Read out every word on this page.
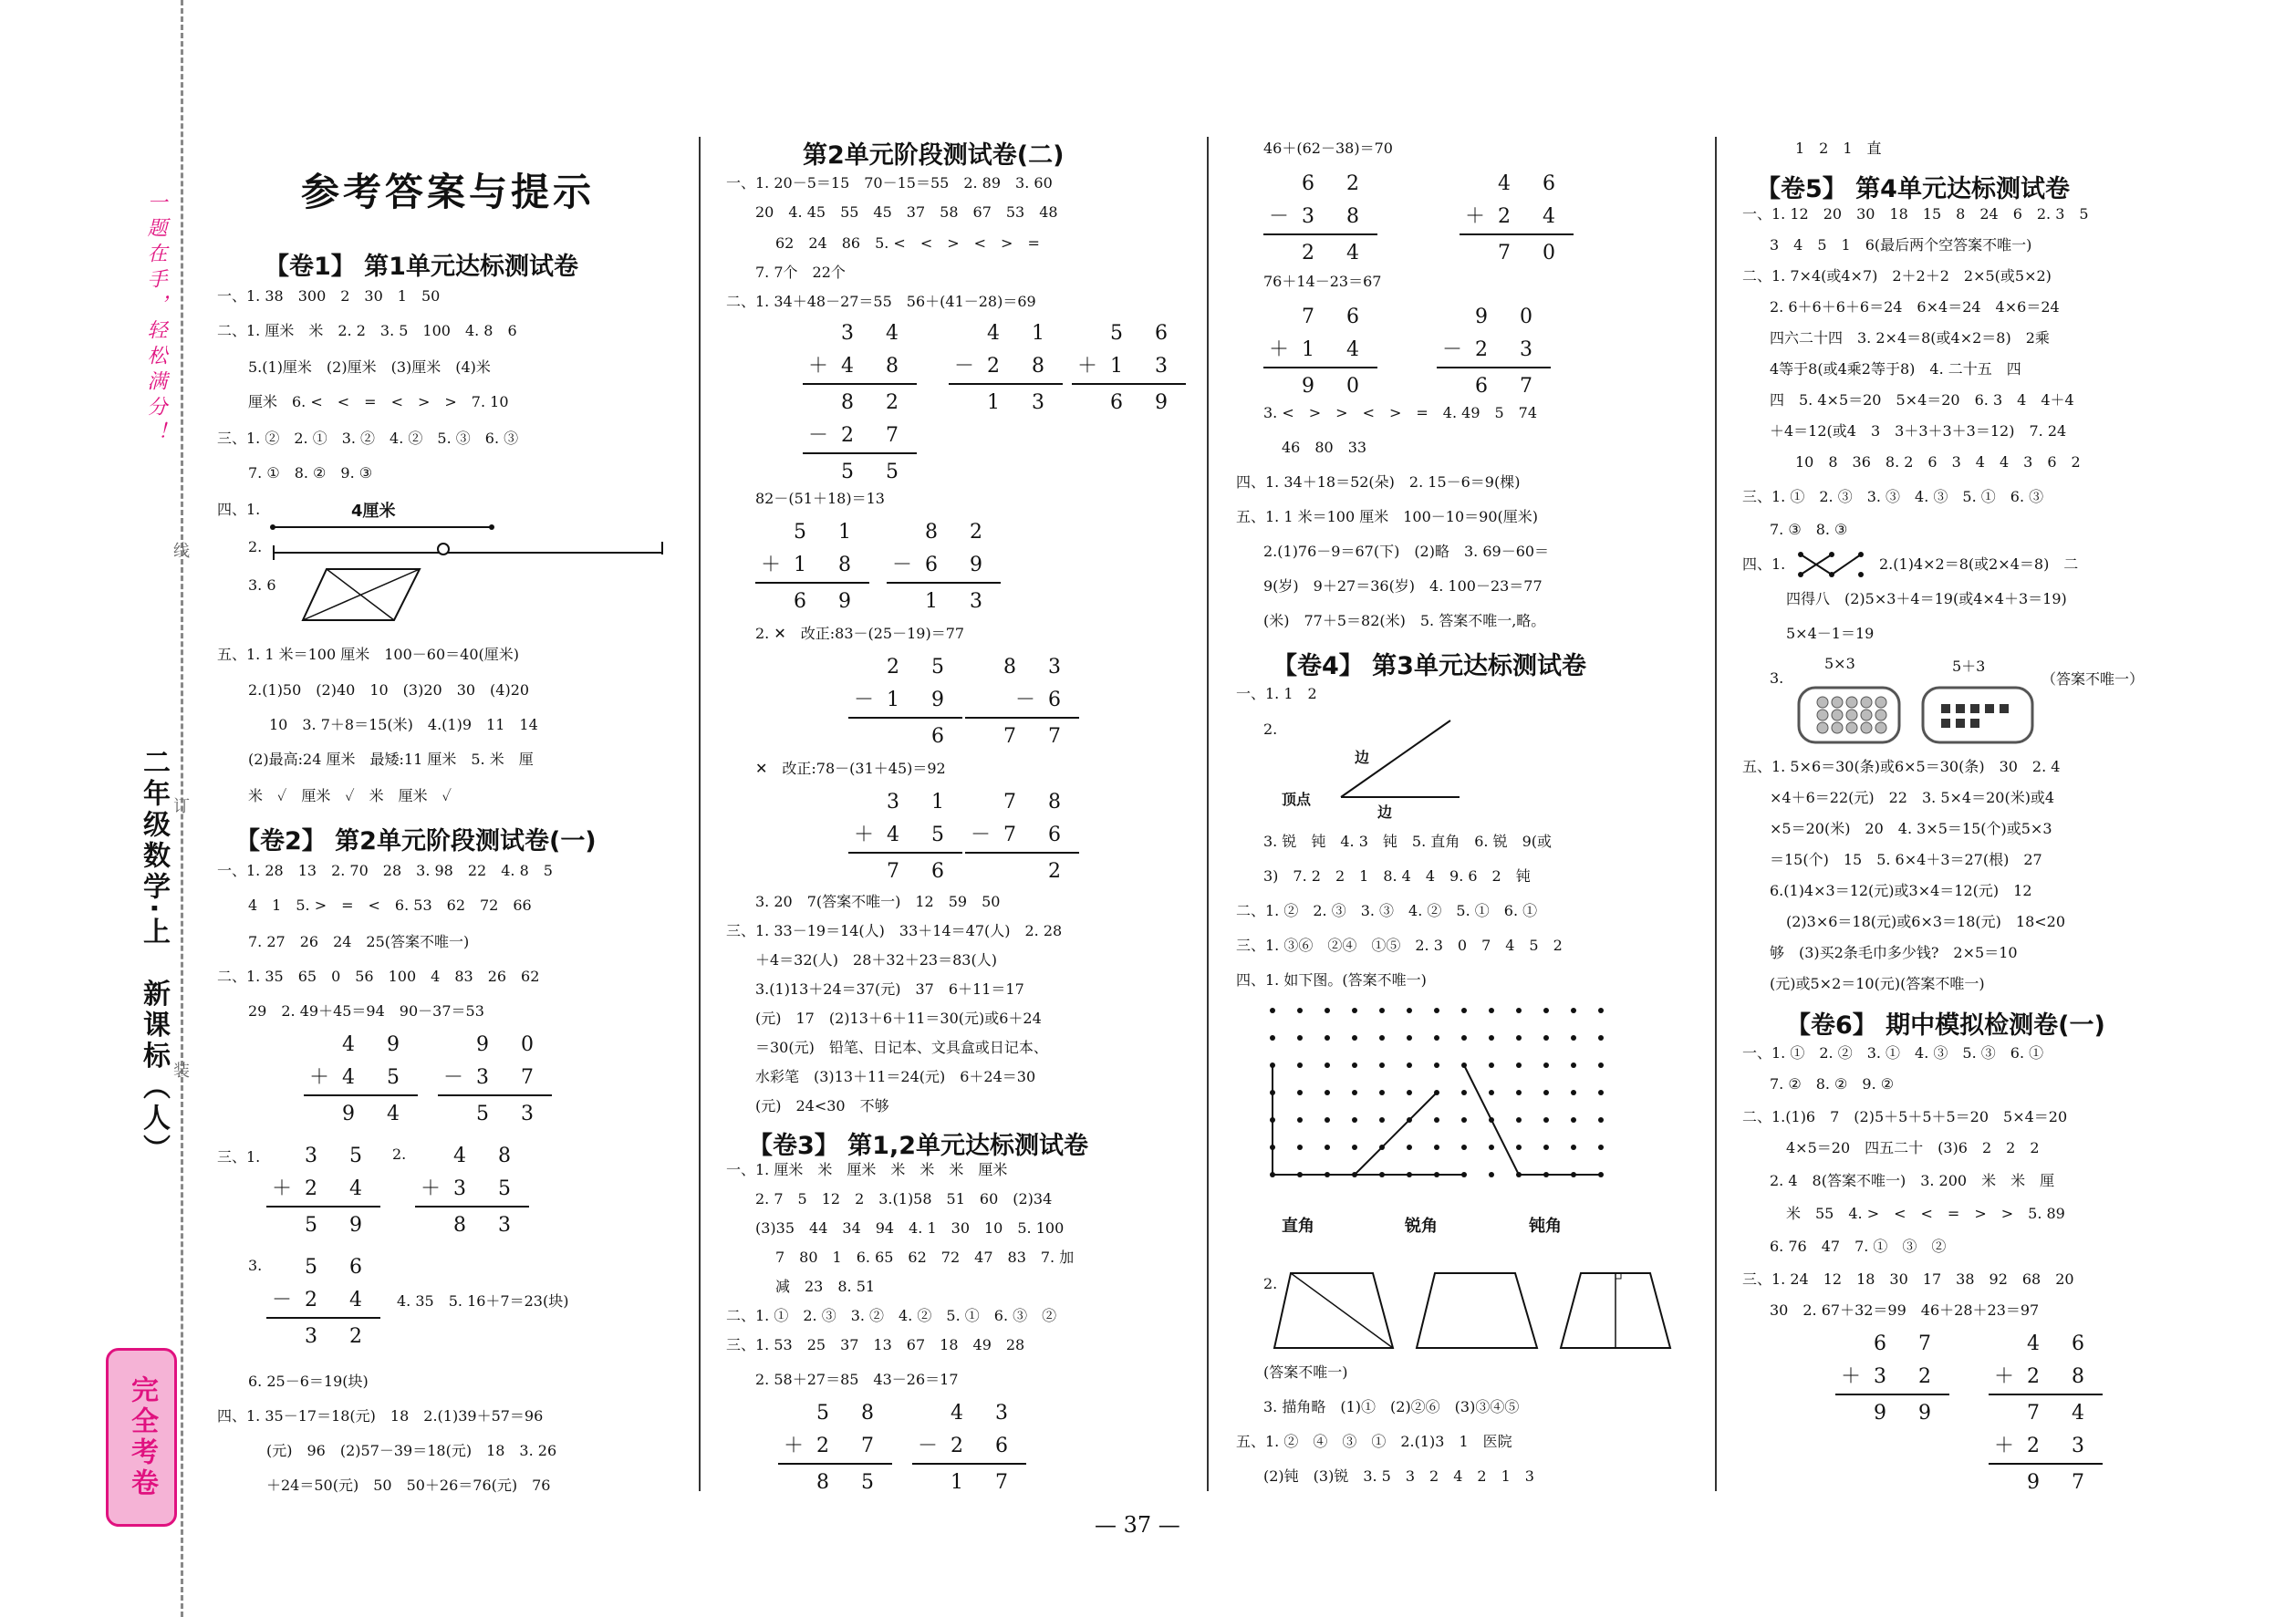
一题在手，轻松满分！
线
订
装
二年级数学·上　新课标（人）
完全考卷
参考答案与提示
【卷1】 第1单元达标测试卷
一、1. 38　300　2　30　1　50
二、1. 厘米　米　2. 2　3. 5　100　4. 8　6
5.(1)厘米　(2)厘米　(3)厘米　(4)米
厘米　6. <　<　=　<　>　>　7. 10
三、1. ②　2. ①　3. ②　4. ②　5. ③　6. ③
7. ①　8. ②　9. ③
四、1.	4厘米
2.
3. 6
五、1. 1 米＝100 厘米　100－60＝40(厘米)
2.(1)50　(2)40　10　(3)20　30　(4)20
10　3. 7＋8＝15(米)　4.(1)9　11　14
(2)最高:24 厘米　最矮:11 厘米　5. 米　厘
米　✓　厘米　✓　米　厘米　✓
【卷2】 第2单元阶段测试卷(一)
一、1. 28　13　2. 70　28　3. 98　22　4. 8　5
4　1　5. >　=　<　6. 53　62　72　66
7. 27　26　24　25(答案不唯一)
二、1. 35　65　0　56　100　4　83　26　62
29　2. 49＋45＝94　90－37＝53
4 9
＋4 5
9 4
9 0
－3 7
5 3
三、1.	3 5
＋2 4
5 9
2.	4 8
＋3 5
8 3
3.	5 6
－2 4
3 2
4. 35　5. 16＋7＝23(块)
6. 25－6＝19(块)
四、1. 35－17＝18(元)　18　2.(1)39＋57＝96
(元)　96　(2)57－39＝18(元)　18　3. 26
＋24＝50(元)　50　50＋26＝76(元)　76
第2单元阶段测试卷(二)
一、1. 20－5＝15　70－15＝55　2. 89　3. 60
20　4. 45　55　45　37　58　67　53　48
62　24　86　5. <　<　>　<　>　=
7. 7个　22个
二、1. 34＋48－27＝55　56＋(41－28)＝69
3 4
＋4 8
8 2
－2 7
5 5
4 1
－2 8
1 3
5 6
＋1 3
6 9
82－(51＋18)＝13
5 1
＋1 8
6 9
8 2
－6 9
1 3
2. ✕　改正:83－(25－19)＝77
2 5
－1 9
6
8 3
－6
7 7
✕　改正:78－(31＋45)＝92
3 1
＋4 5
7 6
7 8
－7 6
2
3. 20　7(答案不唯一)　12　59　50
三、1. 33－19＝14(人)　33＋14＝47(人)　2. 28
＋4＝32(人)　28＋32＋23＝83(人)
3.(1)13＋24＝37(元)　37　6＋11＝17
(元)　17　(2)13＋6＋11＝30(元)或6＋24
＝30(元)　铅笔、日记本、文具盒或日记本、
水彩笔　(3)13＋11＝24(元)　6＋24＝30
(元)　24<30　不够
【卷3】 第1,2单元达标测试卷
一、1. 厘米　米　厘米　米　米　米　厘米
2. 7　5　12　2　3.(1)58　51　60　(2)34
(3)35　44　34　94　4. 1　30　10　5. 100
7　80　1　6. 65　62　72　47　83　7. 加
减　23　8. 51
二、1. ①　2. ③　3. ②　4. ②　5. ①　6. ③　②
三、1. 53　25　37　13　67　18　49　28
2. 58＋27＝85　43－26＝17
5 8
＋2 7
8 5
4 3
－2 6
1 7
46＋(62－38)＝70
6 2
－3 8
2 4
4 6
＋2 4
7 0
76＋14－23＝67
7 6
＋1 4
9 0
9 0
－2 3
6 7
3. <　>　>　<　>　=　4. 49　5　74
46　80　33
四、1. 34＋18＝52(朵)　2. 15－6＝9(棵)
五、1. 1 米＝100 厘米　100－10＝90(厘米)
2.(1)76－9＝67(下)　(2)略　3. 69－60＝
9(岁)　9＋27＝36(岁)　4. 100－23＝77
(米)　77＋5＝82(米)　5. 答案不唯一,略。
【卷4】 第3单元达标测试卷
一、1. 1　2
2.
顶点
边
边
3. 锐　钝　4. 3　钝　5. 直角　6. 锐　9(或
3)　7. 2　2　1　8. 4　4　9. 6　2　钝
二、1. ②　2. ③　3. ③　4. ②　5. ①　6. ①
三、1. ③⑥　②④　①⑤　2. 3　0　7　4　5　2
四、1. 如下图。(答案不唯一)
直角	锐角	钝角
2.
(答案不唯一)
3. 描角略　(1)①　(2)②⑥　(3)③④⑤
五、1. ②　④　③　①　2.(1)3　1　医院
(2)钝　(3)锐　3. 5　3　2　4　2　1　3
1　2　1　直
【卷5】 第4单元达标测试卷
一、1. 12　20　30　18　15　8　24　6　2. 3　5
3　4　5　1　6(最后两个空答案不唯一)
二、1. 7×4(或4×7)　2＋2＋2　2×5(或5×2)
2. 6＋6＋6＋6＝24　6×4＝24　4×6＝24
四六二十四　3. 2×4＝8(或4×2＝8)　2乘
4等于8(或4乘2等于8)　4. 二十五　四
四　5. 4×5＝20　5×4＝20　6. 3　4　4＋4
＋4＝12(或4　3　3＋3＋3＋3＝12)　7. 24
10　8　36　8. 2　6　3　4　4　3　6　2
三、1. ①　2. ③　3. ③　4. ③　5. ①　6. ③
7. ③　8. ③
四、1.	2.(1)4×2＝8(或2×4＝8)　二
四得八　(2)5×3＋4＝19(或4×4＋3＝19)
5×4－1＝19
3.
5×3	5＋3
（答案不唯一）
五、1. 5×6＝30(条)或6×5＝30(条)　30　2. 4
×4＋6＝22(元)　22　3. 5×4＝20(米)或4
×5＝20(米)　20　4. 3×5＝15(个)或5×3
＝15(个)　15　5. 6×4＋3＝27(根)　27
6.(1)4×3＝12(元)或3×4＝12(元)　12
(2)3×6＝18(元)或6×3＝18(元)　18<20
够　(3)买2条毛巾多少钱?　2×5＝10
(元)或5×2＝10(元)(答案不唯一)
【卷6】 期中模拟检测卷(一)
一、1. ①　2. ②　3. ①　4. ③　5. ③　6. ①
7. ②　8. ②　9. ②
二、1.(1)6　7　(2)5＋5＋5＋5＝20　5×4＝20
4×5＝20　四五二十　(3)6　2　2　2
2. 4　8(答案不唯一)　3. 200　米　米　厘
米　55　4. >　<　<　=　>　>　5. 89
6. 76　47　7. ①　③　②
三、1. 24　12　18　30　17　38　92　68　20
30　2. 67＋32＝99　46＋28＋23＝97
6 7
＋3 2
9 9
4 6
＋2 8
7 4
＋2 3
9 7
— 37 —
